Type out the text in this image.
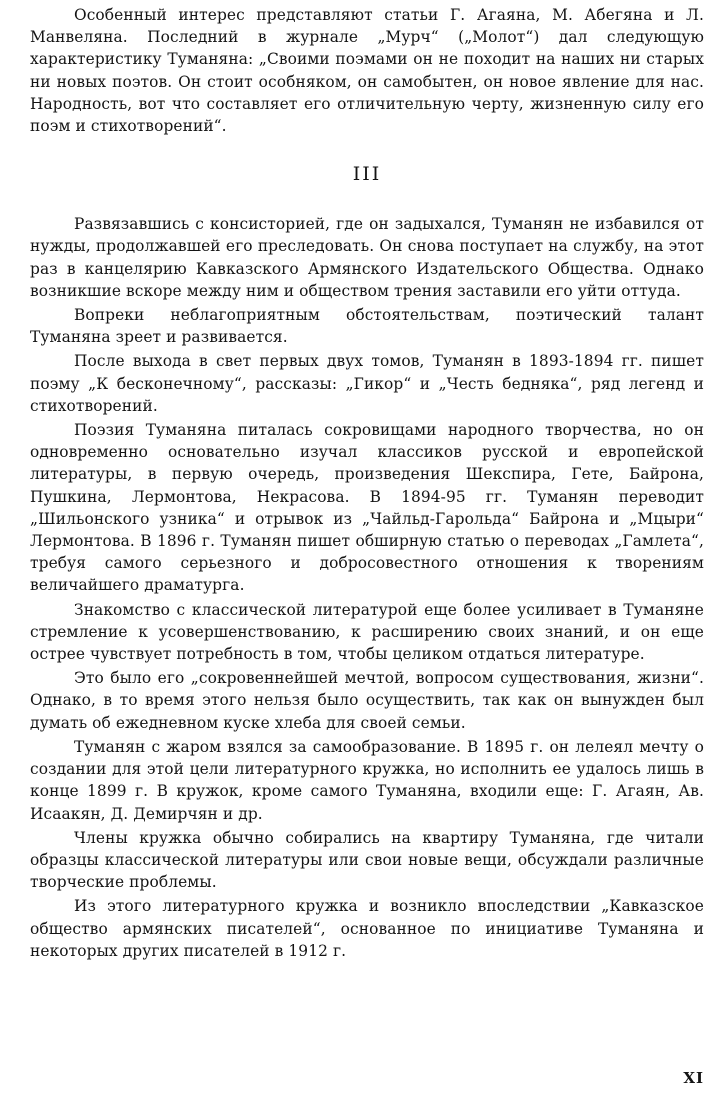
Особенный интерес представляют статьи Г. Агаяна, М. Абегяна и Л. Манвеляна. Последний в журнале „Мурч“ („Молот“) дал следующую характеристику Туманяна: „Своими поэмами он не походит на наших ни старых ни новых поэтов. Он стоит особняком, он самобытен, он новое явление для нас. Народность, вот что составляет его отличительную черту, жизненную силу его поэм и стихотворений“.

III

Развязавшись с консисторией, где он задыхался, Туманян не избавился от нужды, продолжавшей его преследовать. Он снова поступает на службу, на этот раз в канцелярию Кавказского Армянского Издательского Общества. Однако возникшие вскоре между ним и обществом трения заставили его уйти оттуда.

Вопреки неблагоприятным обстоятельствам, поэтический талант Туманяна зреет и развивается.

После выхода в свет первых двух томов, Туманян в 1893-1894 гг. пишет поэму „К бесконечному“, рассказы: „Гикор“ и „Честь бедняка“, ряд легенд и стихотворений.

Поэзия Туманяна питалась сокровищами народного творчества, но он одновременно основательно изучал классиков русской и европейской литературы, в первую очередь, произведения Шекспира, Гете, Байрона, Пушкина, Лермонтова, Некрасова. В 1894-95 гг. Туманян переводит „Шильонского узника“ и отрывок из „Чайльд-Гарольда“ Байрона и „Мцыри“ Лермонтова. В 1896 г. Туманян пишет обширную статью о переводах „Гамлета“, требуя самого серьезного и добросовестного отношения к творениям величайшего драматурга.

Знакомство с классической литературой еще более усиливает в Туманяне стремление к усовершенствованию, к расширению своих знаний, и он еще острее чувствует потребность в том, чтобы целиком отдаться литературе.

Это было его „сокровеннейшей мечтой, вопросом существования, жизни“. Однако, в то время этого нельзя было осуществить, так как он вынужден был думать об ежедневном куске хлеба для своей семьи.

Туманян с жаром взялся за самообразование. В 1895 г. он лелеял мечту о создании для этой цели литературного кружка, но исполнить ее удалось лишь в конце 1899 г. В кружок, кроме самого Туманяна, входили еще: Г. Агаян, Ав. Исаакян, Д. Демирчян и др.

Члены кружка обычно собирались на квартиру Туманяна, где читали образцы классической литературы или свои новые вещи, обсуждали различные творческие проблемы.

Из этого литературного кружка и возникло впоследствии „Кавказское общество армянских писателей“, основанное по инициативе Туманяна и некоторых других писателей в 1912 г.

XI
